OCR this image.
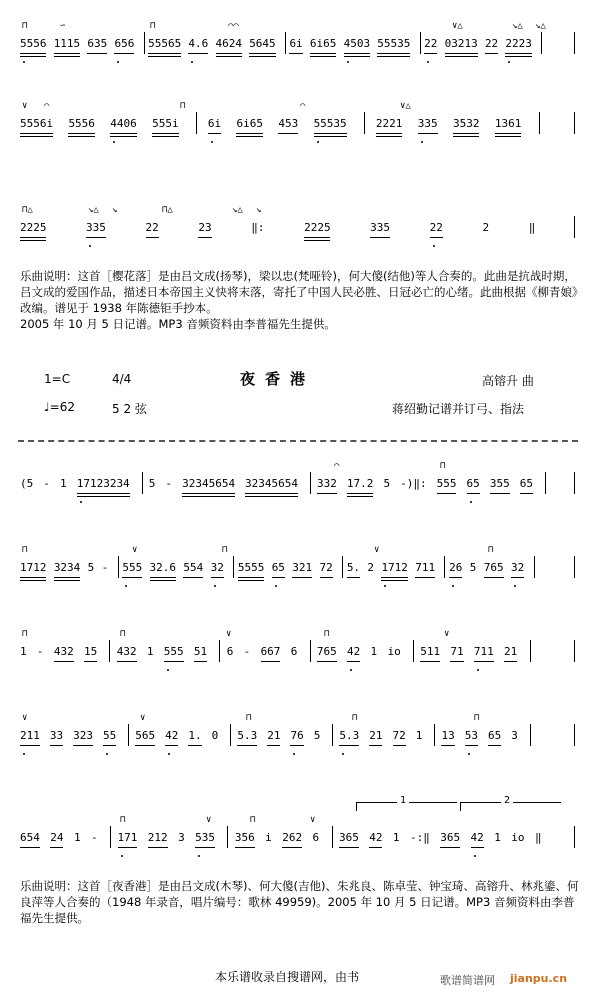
5556 1115 635 656 55565 4.6 4624 5645 6i 6i65 4503 55535 22 03213 22 2223
⊓	∽	⊓	⌒⌒	∨△	↘△ ↘△
5556i 5556 4406 555i	6i 6i65 453 55535	2221 335 3532 1361
∨ ⌒	⊓	⌒	∨△
2225	335	22	23	‖:	2225	335	22	2	‖
⊓△	↘△ ↘	⊓△	↘△ ↘
(5 - 1 17123234 5 - 32345654 32345654 332 17.2 5 -)‖: 555 65 355 65
⊓
⌒
1712 3234 5 - 555 32.6 554 32 5555 65 321 72 5. 2 1712 711 26 5 765 32
⊓	∨	⊓	∨	⊓
1 - 432 15 432 1 555 51 6 - 667 6 765 42 1 io 511 71 711 21
⊓	⊓	∨	⊓	∨
211 33 323 55 565 42 1. 0 5.3 21 76 5 5.3 21 72 1 13 53 65 3
∨	∨	⊓	⊓	⊓
654 24 1 - 171 212 3 535 356 i 262 6 365 42 1 -:‖ 365 42 1 io ‖
⊓	∨	⊓	∨
乐曲说明：这首［樱花落］是由吕文成(扬琴)，梁以忠(梵哑铃)，何大傻(结他)等人合奏的。此曲是抗战时期，吕文成的爱国作品，描述日本帝国主义快将末落，寄托了中国人民必胜、日冠必亡的心绪。此曲根据《柳青娘》改编。谱见于 1938 年陈德钜手抄本。
2005 年 10 月 5 日记谱。MP3 音频资料由李普福先生提供。
1=C	4/4	夜香港	高镕升 曲
♩=62	5 2 弦	蒋绍勤记谱并订弓、指法
1	2
乐曲说明：这首［夜香港］是由吕文成(木琴)、何大傻(吉他)、朱兆良、陈卓莹、钟宝琦、高镕升、林兆鎏、何良萍等人合奏的（1948 年录音，唱片编号：歌林 49959)。2005 年 10 月 5 日记谱。MP3 音频资料由李普福先生提供。
本乐谱收录自搜谱网，由书	歌谱简谱网 jianpu.cn
